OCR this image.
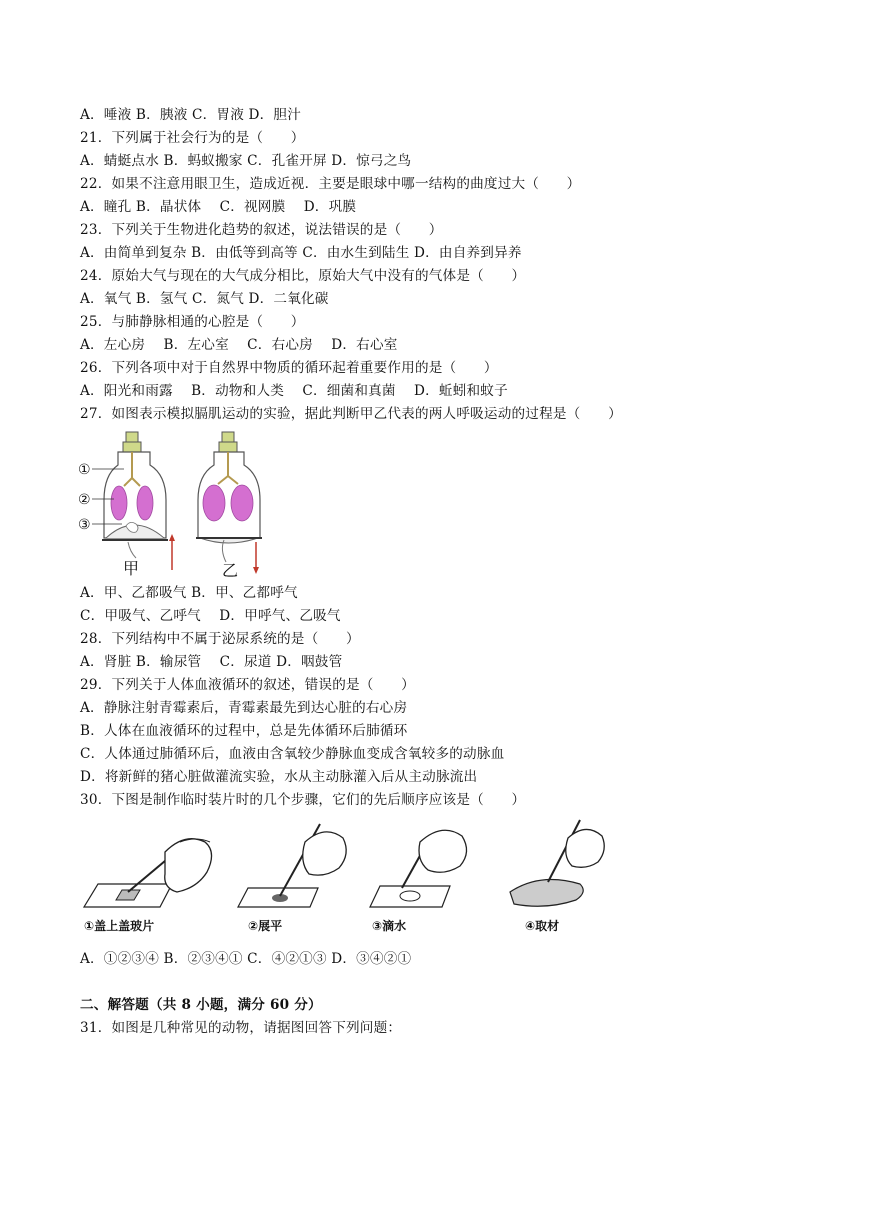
A．唾液 B．胰液 C．胃液 D．胆汁
21．下列属于社会行为的是（　　）
A．蜻蜓点水 B．蚂蚁搬家 C．孔雀开屏 D．惊弓之鸟
22．如果不注意用眼卫生，造成近视．主要是眼球中哪一结构的曲度过大（　　）
A．瞳孔 B．晶状体　 C．视网膜　 D．巩膜
23．下列关于生物进化趋势的叙述，说法错误的是（　　）
A．由简单到复杂 B．由低等到高等 C．由水生到陆生 D．由自养到异养
24．原始大气与现在的大气成分相比，原始大气中没有的气体是（　　）
A．氧气 B．氢气 C．氮气 D．二氧化碳
25．与肺静脉相通的心腔是（　　）
A．左心房　 B．左心室　 C．右心房　 D．右心室
26．下列各项中对于自然界中物质的循环起着重要作用的是（　　）
A．阳光和雨露　 B．动物和人类　 C．细菌和真菌　 D．蚯蚓和蚊子
27．如图表示模拟膈肌运动的实验，据此判断甲乙代表的两人呼吸运动的过程是（　　）
①
②
③
甲	乙
A．甲、乙都吸气 B．甲、乙都呼气
C．甲吸气、乙呼气　 D．甲呼气、乙吸气
28．下列结构中不属于泌尿系统的是（　　）
A．肾脏 B．输尿管　 C．尿道 D．咽鼓管
29．下列关于人体血液循环的叙述，错误的是（　　）
A．静脉注射青霉素后，青霉素最先到达心脏的右心房
B．人体在血液循环的过程中，总是先体循环后肺循环
C．人体通过肺循环后，血液由含氧较少静脉血变成含氧较多的动脉血
D．将新鲜的猪心脏做灌流实验，水从主动脉灌入后从主动脉流出
30．下图是制作临时装片时的几个步骤，它们的先后顺序应该是（　　）
①盖上盖玻片	②展平	③滴水	④取材
A．①②③④ B．②③④① C．④②①③ D．③④②①
二、解答题（共 8 小题，满分 60 分）
31．如图是几种常见的动物，请据图回答下列问题：
